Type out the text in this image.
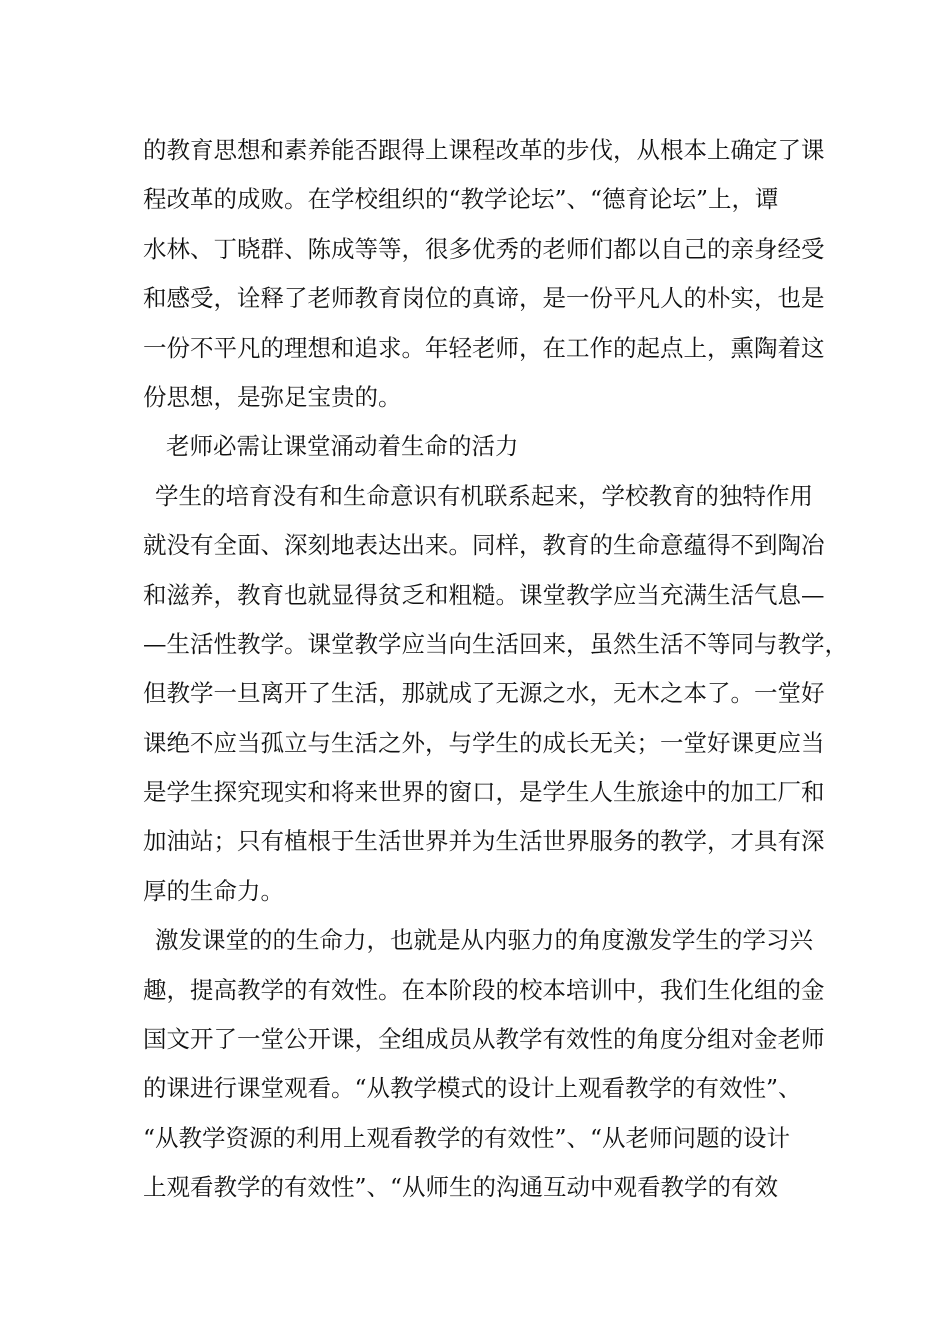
的教育思想和素养能否跟得上课程改革的步伐，从根本上确定了课
程改革的成败。在学校组织的“教学论坛”、“德育论坛”上，谭
水林、丁晓群、陈成等等，很多优秀的老师们都以自己的亲身经受
和感受，诠释了老师教育岗位的真谛，是一份平凡人的朴实，也是
一份不平凡的理想和追求。年轻老师，在工作的起点上，熏陶着这
份思想，是弥足宝贵的。
老师必需让课堂涌动着生命的活力
学生的培育没有和生命意识有机联系起来，学校教育的独特作用
就没有全面、深刻地表达出来。同样，教育的生命意蕴得不到陶冶
和滋养，教育也就显得贫乏和粗糙。课堂教学应当充满生活气息—
—生活性教学。课堂教学应当向生活回来，虽然生活不等同与教学，
但教学一旦离开了生活，那就成了无源之水，无木之本了。一堂好
课绝不应当孤立与生活之外，与学生的成长无关；一堂好课更应当
是学生探究现实和将来世界的窗口，是学生人生旅途中的加工厂和
加油站；只有植根于生活世界并为生活世界服务的教学，才具有深
厚的生命力。
激发课堂的的生命力，也就是从内驱力的角度激发学生的学习兴
趣，提高教学的有效性。在本阶段的校本培训中，我们生化组的金
国文开了一堂公开课，全组成员从教学有效性的角度分组对金老师
的课进行课堂观看。“从教学模式的设计上观看教学的有效性”、
“从教学资源的利用上观看教学的有效性”、“从老师问题的设计
上观看教学的有效性”、“从师生的沟通互动中观看教学的有效
